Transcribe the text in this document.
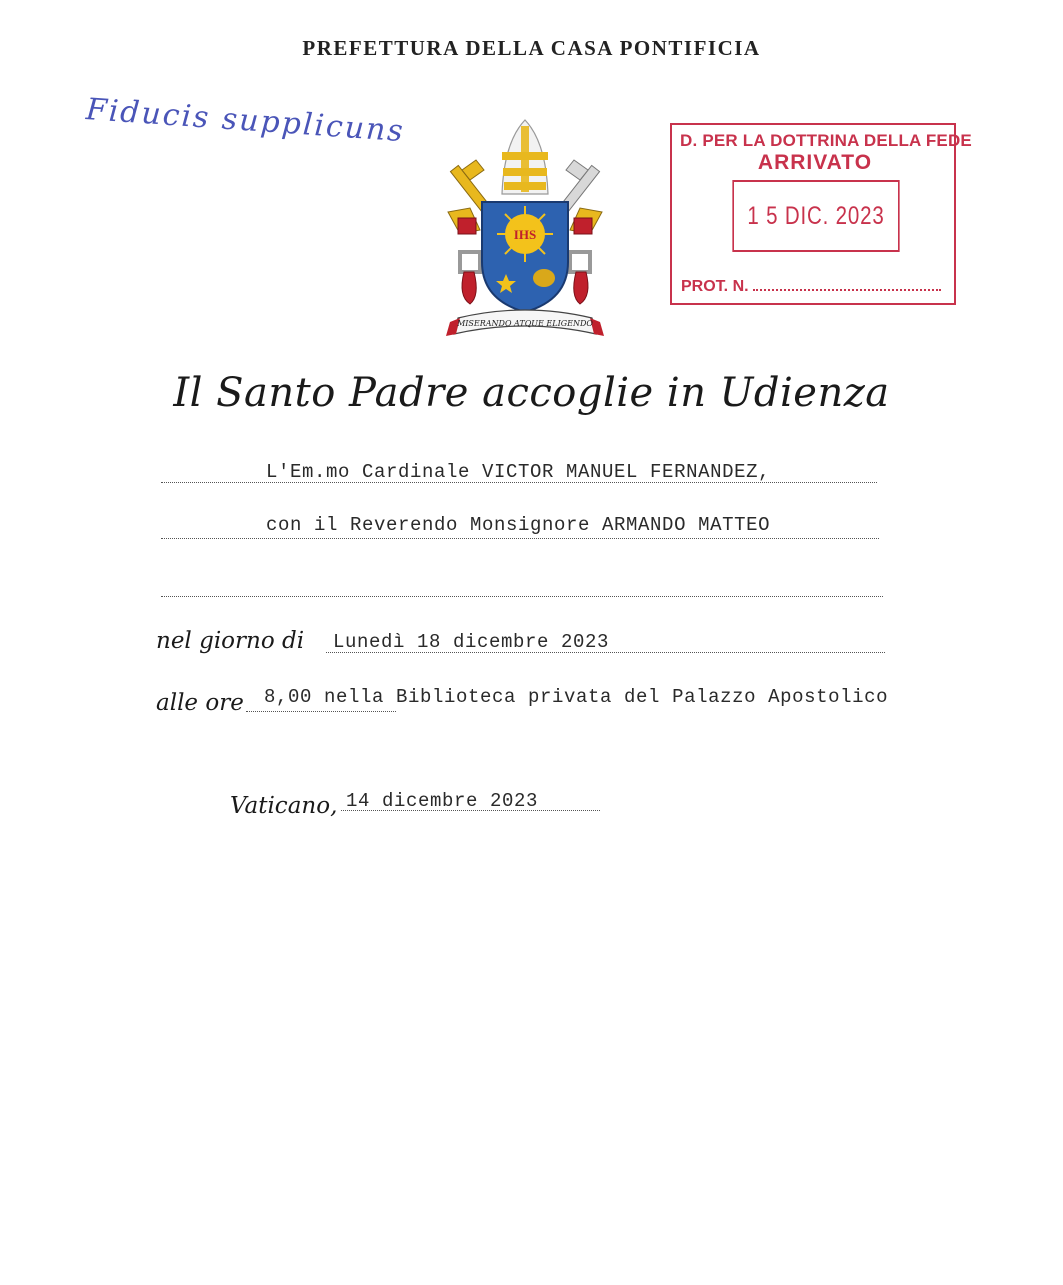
PREFETTURA DELLA CASA PONTIFICIA
Fiducis supplicuns
IHS
MISERANDO ATQUE ELIGENDO
D. PER LA DOTTRINA DELLA FEDE
ARRIVATO
1 5 DIC. 2023
PROT. N.
Il Santo Padre accoglie in Udienza
L'Em.mo Cardinale VICTOR MANUEL FERNANDEZ,
con il Reverendo Monsignore ARMANDO MATTEO
nel giorno di Lunedì 18 dicembre 2023
alle ore 8,00 nella Biblioteca privata del Palazzo Apostolico
Vaticano, 14 dicembre 2023
